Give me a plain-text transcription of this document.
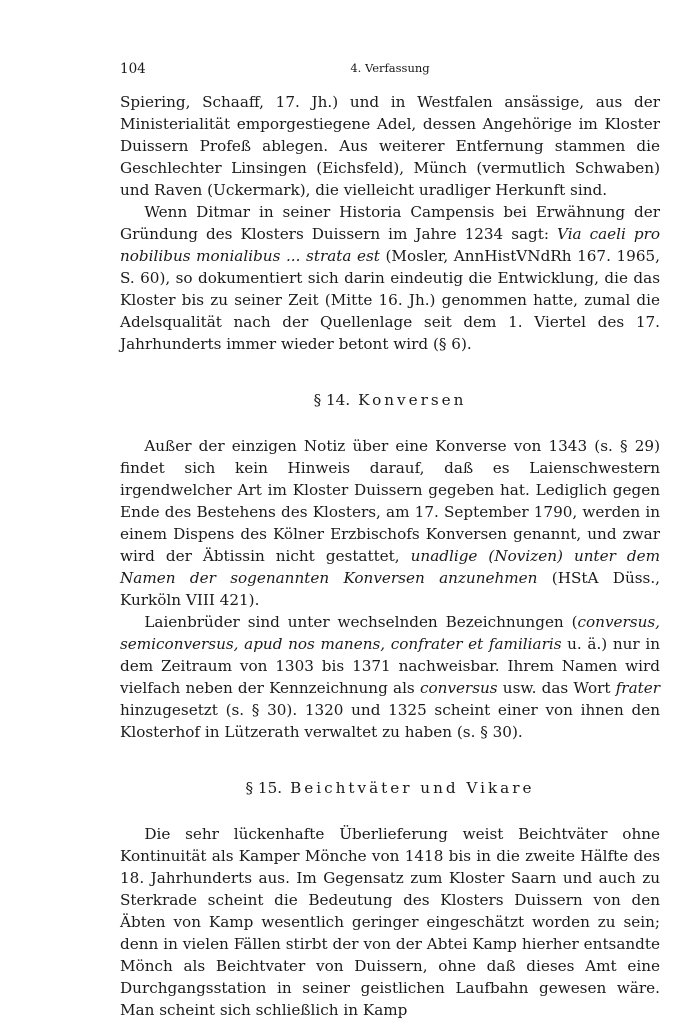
104	4. Verfassung

Spiering, Schaaff, 17. Jh.) und in Westfalen ansässige, aus der Ministerialität emporgestiegene Adel, dessen Angehörige im Kloster Duissern Profeß ablegen. Aus weiterer Entfernung stammen die Geschlechter Linsingen (Eichsfeld), Münch (vermutlich Schwaben) und Raven (Uckermark), die vielleicht uradliger Herkunft sind.

Wenn Ditmar in seiner Historia Campensis bei Erwähnung der Gründung des Klosters Duissern im Jahre 1234 sagt: Via caeli pro nobilibus monialibus ... strata est (Mosler, AnnHistVNdRh 167. 1965, S. 60), so dokumentiert sich darin eindeutig die Entwicklung, die das Kloster bis zu seiner Zeit (Mitte 16. Jh.) genommen hatte, zumal die Adelsqualität nach der Quellenlage seit dem 1. Viertel des 17. Jahrhunderts immer wieder betont wird (§ 6).

§ 14. Konversen

Außer der einzigen Notiz über eine Konverse von 1343 (s. § 29) findet sich kein Hinweis darauf, daß es Laienschwestern irgendwelcher Art im Kloster Duissern gegeben hat. Lediglich gegen Ende des Bestehens des Klosters, am 17. September 1790, werden in einem Dispens des Kölner Erzbischofs Konversen genannt, und zwar wird der Äbtissin nicht gestattet, unadlige (Novizen) unter dem Namen der sogenannten Konversen anzunehmen (HStA Düss., Kurköln VIII 421).

Laienbrüder sind unter wechselnden Bezeichnungen (conversus, semiconversus, apud nos manens, confrater et familiaris u. ä.) nur in dem Zeitraum von 1303 bis 1371 nachweisbar. Ihrem Namen wird vielfach neben der Kennzeichnung als conversus usw. das Wort frater hinzugesetzt (s. § 30). 1320 und 1325 scheint einer von ihnen den Klosterhof in Lützerath verwaltet zu haben (s. § 30).

§ 15. Beichtväter und Vikare

Die sehr lückenhafte Überlieferung weist Beichtväter ohne Kontinuität als Kamper Mönche von 1418 bis in die zweite Hälfte des 18. Jahrhunderts aus. Im Gegensatz zum Kloster Saarn und auch zu Sterkrade scheint die Bedeutung des Klosters Duissern von den Äbten von Kamp wesentlich geringer eingeschätzt worden zu sein; denn in vielen Fällen stirbt der von der Abtei Kamp hierher entsandte Mönch als Beichtvater von Duissern, ohne daß dieses Amt eine Durchgangsstation in seiner geistlichen Laufbahn gewesen wäre. Man scheint sich schließlich in Kamp
